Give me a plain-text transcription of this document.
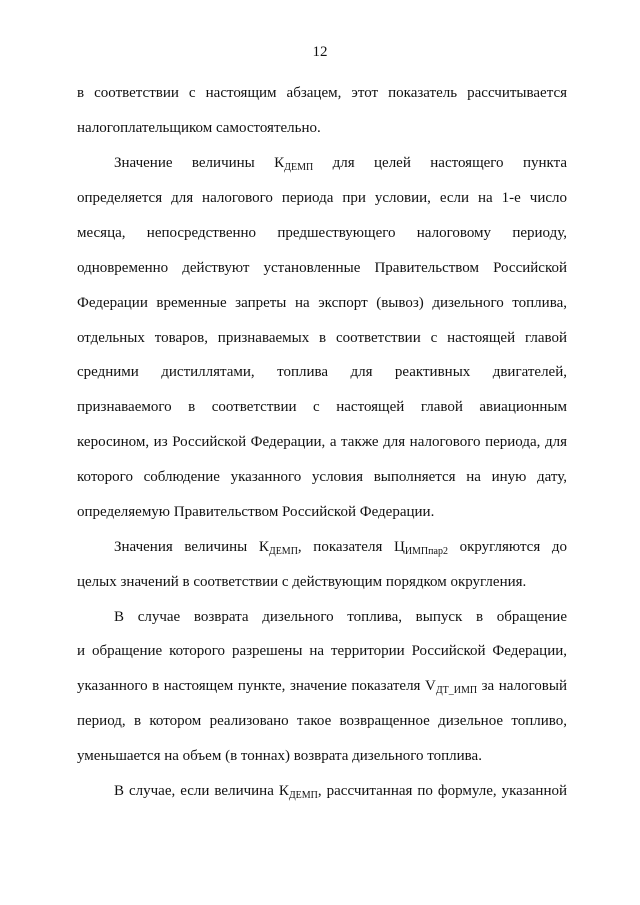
12
в соответствии с настоящим абзацем, этот показатель рассчитывается
налогоплательщиком самостоятельно.
Значение величины $К_{ДЕМП}$ для целей настоящего пункта
определяется для налогового периода при условии, если на 1-е число
месяца, непосредственно предшествующего налоговому периоду,
одновременно действуют установленные Правительством Российской
Федерации временные запреты на экспорт (вывоз) дизельного топлива,
отдельных товаров, признаваемых в соответствии с настоящей главой
средними дистиллятами, топлива для реактивных двигателей,
признаваемого в соответствии с настоящей главой авиационным
керосином, из Российской Федерации, а также для налогового периода, для
которого соблюдение указанного условия выполняется на иную дату,
определяемую Правительством Российской Федерации.
Значения величины $К_{ДЕМП}$, показателя $Ц_{ИМПпар2}$ округляются до
целых значений в соответствии с действующим порядком округления.
В случае возврата дизельного топлива, выпуск в обращение
и обращение которого разрешены на территории Российской Федерации,
указанного в настоящем пункте, значение показателя $V_{ДТ\_ИМП}$ за налоговый
период, в котором реализовано такое возвращенное дизельное топливо,
уменьшается на объем (в тоннах) возврата дизельного топлива.
В случае, если величина $К_{ДЕМП}$, рассчитанная по формуле, указанной
